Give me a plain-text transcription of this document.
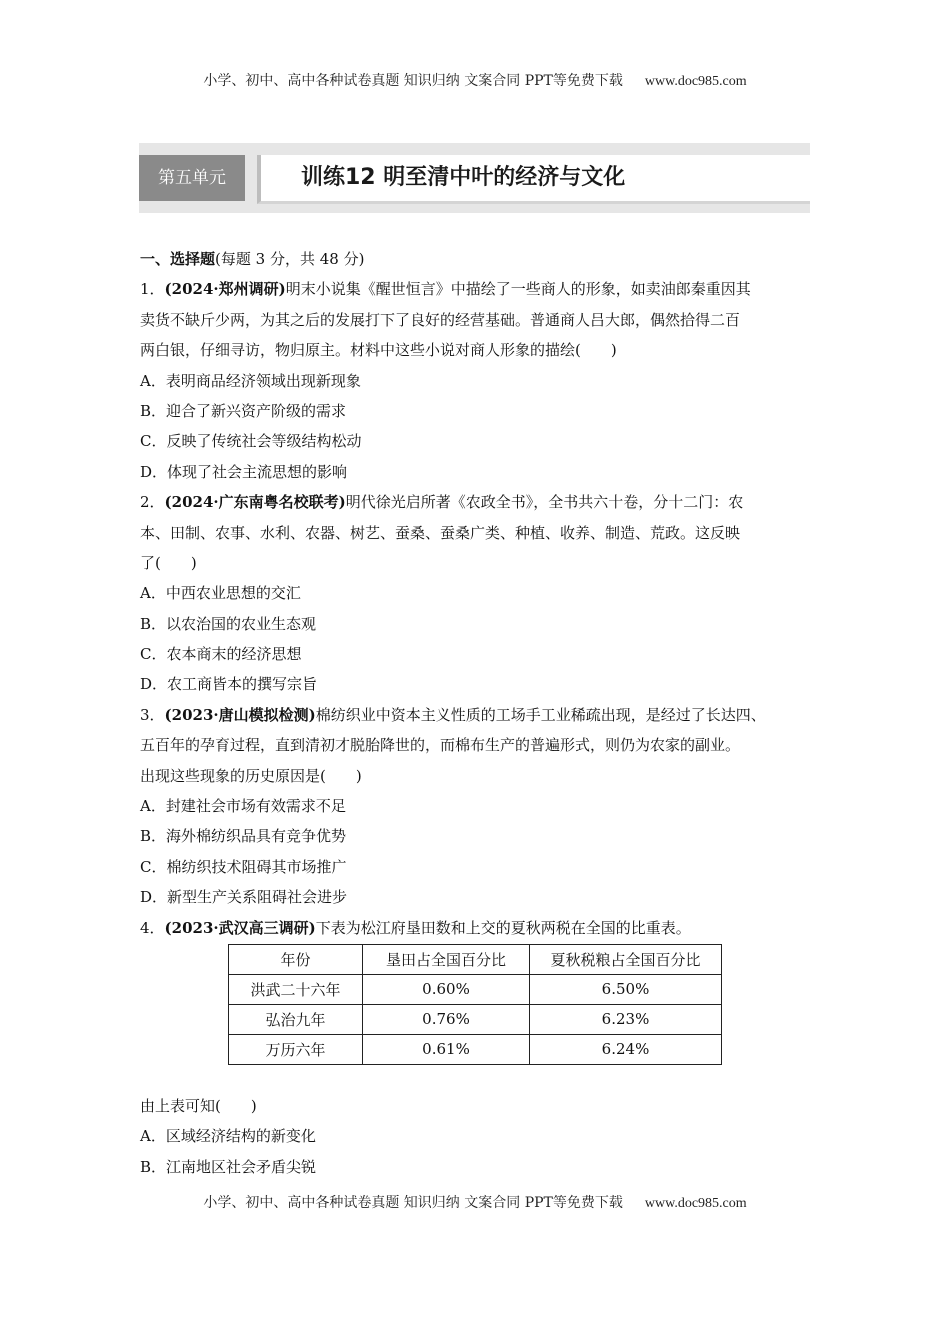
小学、初中、高中各种试卷真题 知识归纳 文案合同 PPT等免费下载 www.doc985.com
第五单元	训练12 明至清中叶的经济与文化
一、选择题(每题 3 分，共 48 分)
1．(2024·郑州调研)明末小说集《醒世恒言》中描绘了一些商人的形象，如卖油郎秦重因其
卖货不缺斤少两，为其之后的发展打下了良好的经营基础。普通商人吕大郎，偶然拾得二百
两白银，仔细寻访，物归原主。材料中这些小说对商人形象的描绘(　　)
A．表明商品经济领域出现新现象
B．迎合了新兴资产阶级的需求
C．反映了传统社会等级结构松动
D．体现了社会主流思想的影响
2．(2024·广东南粤名校联考)明代徐光启所著《农政全书》，全书共六十卷，分十二门：农
本、田制、农事、水利、农器、树艺、蚕桑、蚕桑广类、种植、收养、制造、荒政。这反映
了(　　)
A．中西农业思想的交汇
B．以农治国的农业生态观
C．农本商末的经济思想
D．农工商皆本的撰写宗旨
3．(2023·唐山模拟检测)棉纺织业中资本主义性质的工场手工业稀疏出现，是经过了长达四、
五百年的孕育过程，直到清初才脱胎降世的，而棉布生产的普遍形式，则仍为农家的副业。
出现这些现象的历史原因是(　　)
A．封建社会市场有效需求不足
B．海外棉纺织品具有竞争优势
C．棉纺织技术阻碍其市场推广
D．新型生产关系阻碍社会进步
4．(2023·武汉高三调研)下表为松江府垦田数和上交的夏秋两税在全国的比重表。
年份	垦田占全国百分比	夏秋税粮占全国百分比
洪武二十六年	0.60%	6.50%
弘治九年	0.76%	6.23%
万历六年	0.61%	6.24%
由上表可知(　　)
A．区域经济结构的新变化
B．江南地区社会矛盾尖锐
小学、初中、高中各种试卷真题 知识归纳 文案合同 PPT等免费下载 www.doc985.com
